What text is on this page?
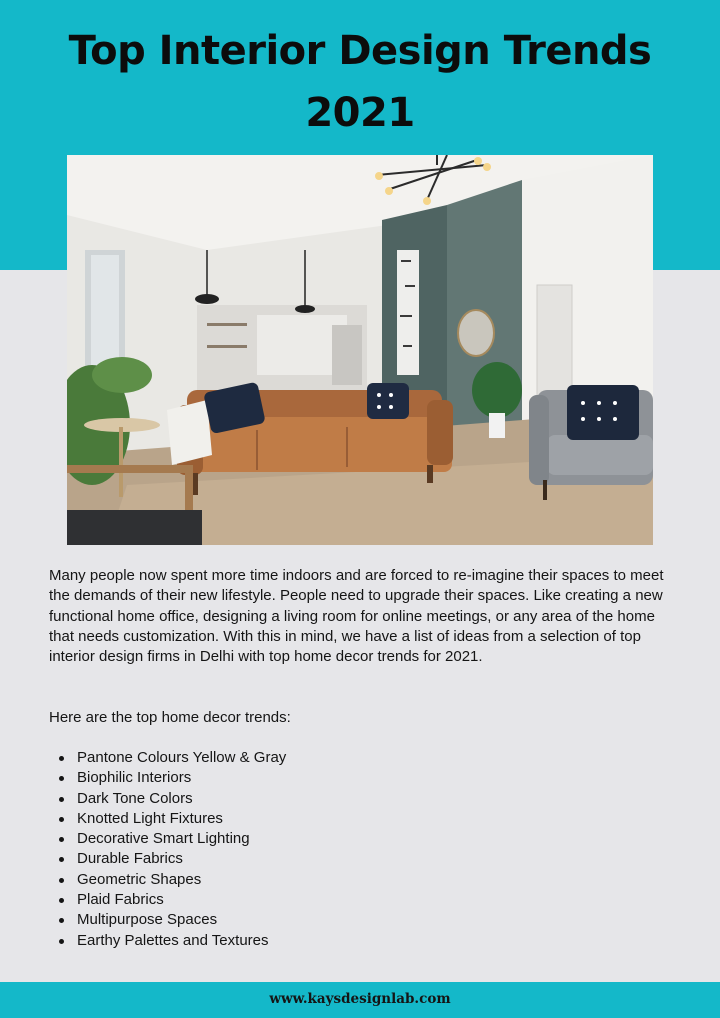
Top Interior Design Trends
2021

Many people now spent more time indoors and are forced to re-imagine their spaces to meet the demands of their new lifestyle. People need to upgrade their spaces. Like creating a new functional home office, designing a living room for online meetings, or any area of the home that needs customization. With this in mind, we have a list of ideas from a selection of top interior design firms in Delhi with top home decor trends for 2021.

Here are the top home decor trends:

Pantone Colours Yellow & Gray
Biophilic Interiors
Dark Tone Colors
Knotted Light Fixtures
Decorative Smart Lighting
Durable Fabrics
Geometric Shapes
Plaid Fabrics
Multipurpose Spaces
Earthy Palettes and Textures
www.kaysdesignlab.com
